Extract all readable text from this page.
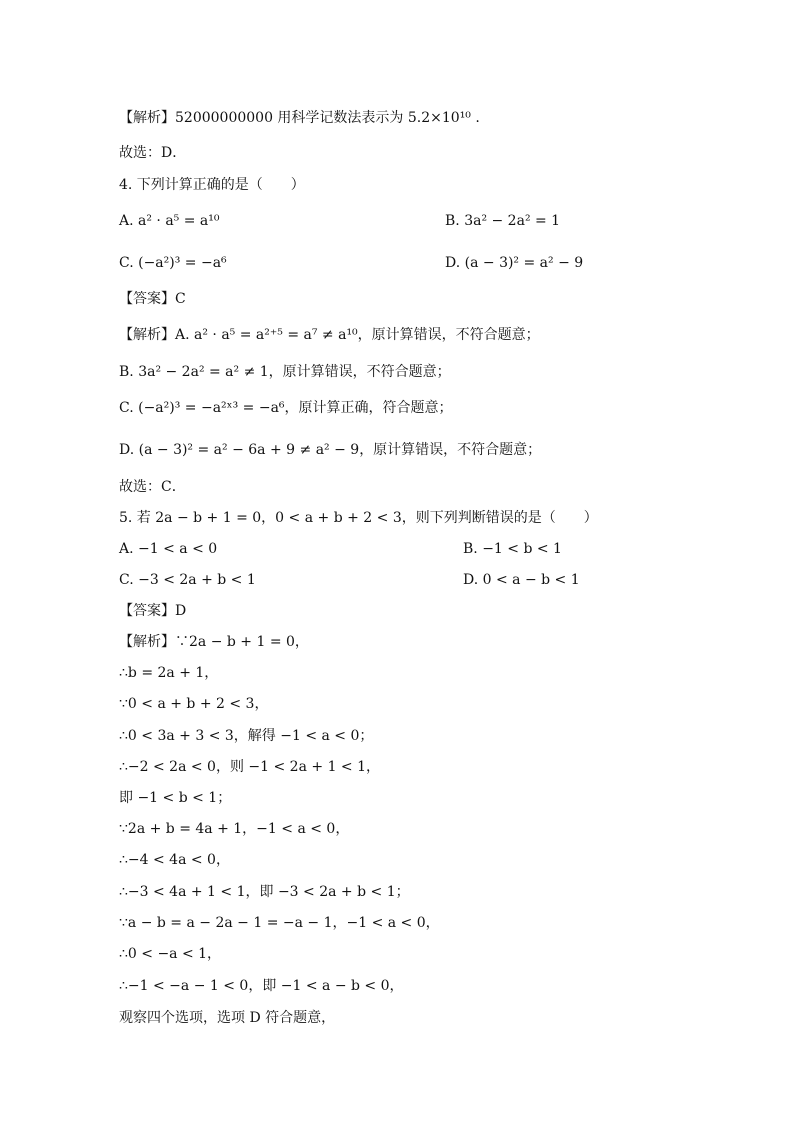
【解析】52000000000 用科学记数法表示为 5.2×10¹⁰ .
故选：D．
4. 下列计算正确的是（　　）
A. a² · a⁵ = a¹⁰	B. 3a² − 2a² = 1
C. (−a²)³ = −a⁶	D. (a − 3)² = a² − 9
【答案】C
【解析】A. a² · a⁵ = a²⁺⁵ = a⁷ ≠ a¹⁰，原计算错误，不符合题意；
B. 3a² − 2a² = a² ≠ 1，原计算错误，不符合题意；
C. (−a²)³ = −a²ˣ³ = −a⁶，原计算正确，符合题意；
D. (a − 3)² = a² − 6a + 9 ≠ a² − 9，原计算错误，不符合题意；
故选：C．
5. 若 2a − b + 1 = 0，0 < a + b + 2 < 3，则下列判断错误的是（　　）
A. −1 < a < 0	B. −1 < b < 1
C. −3 < 2a + b < 1	D. 0 < a − b < 1
【答案】D
【解析】∵2a − b + 1 = 0，
∴b = 2a + 1，
∵0 < a + b + 2 < 3，
∴0 < 3a + 3 < 3，解得 −1 < a < 0；
∴−2 < 2a < 0，则 −1 < 2a + 1 < 1，
即 −1 < b < 1；
∵2a + b = 4a + 1，−1 < a < 0，
∴−4 < 4a < 0，
∴−3 < 4a + 1 < 1，即 −3 < 2a + b < 1；
∵a − b = a − 2a − 1 = −a − 1，−1 < a < 0，
∴0 < −a < 1，
∴−1 < −a − 1 < 0，即 −1 < a − b < 0，
观察四个选项，选项 D 符合题意，
